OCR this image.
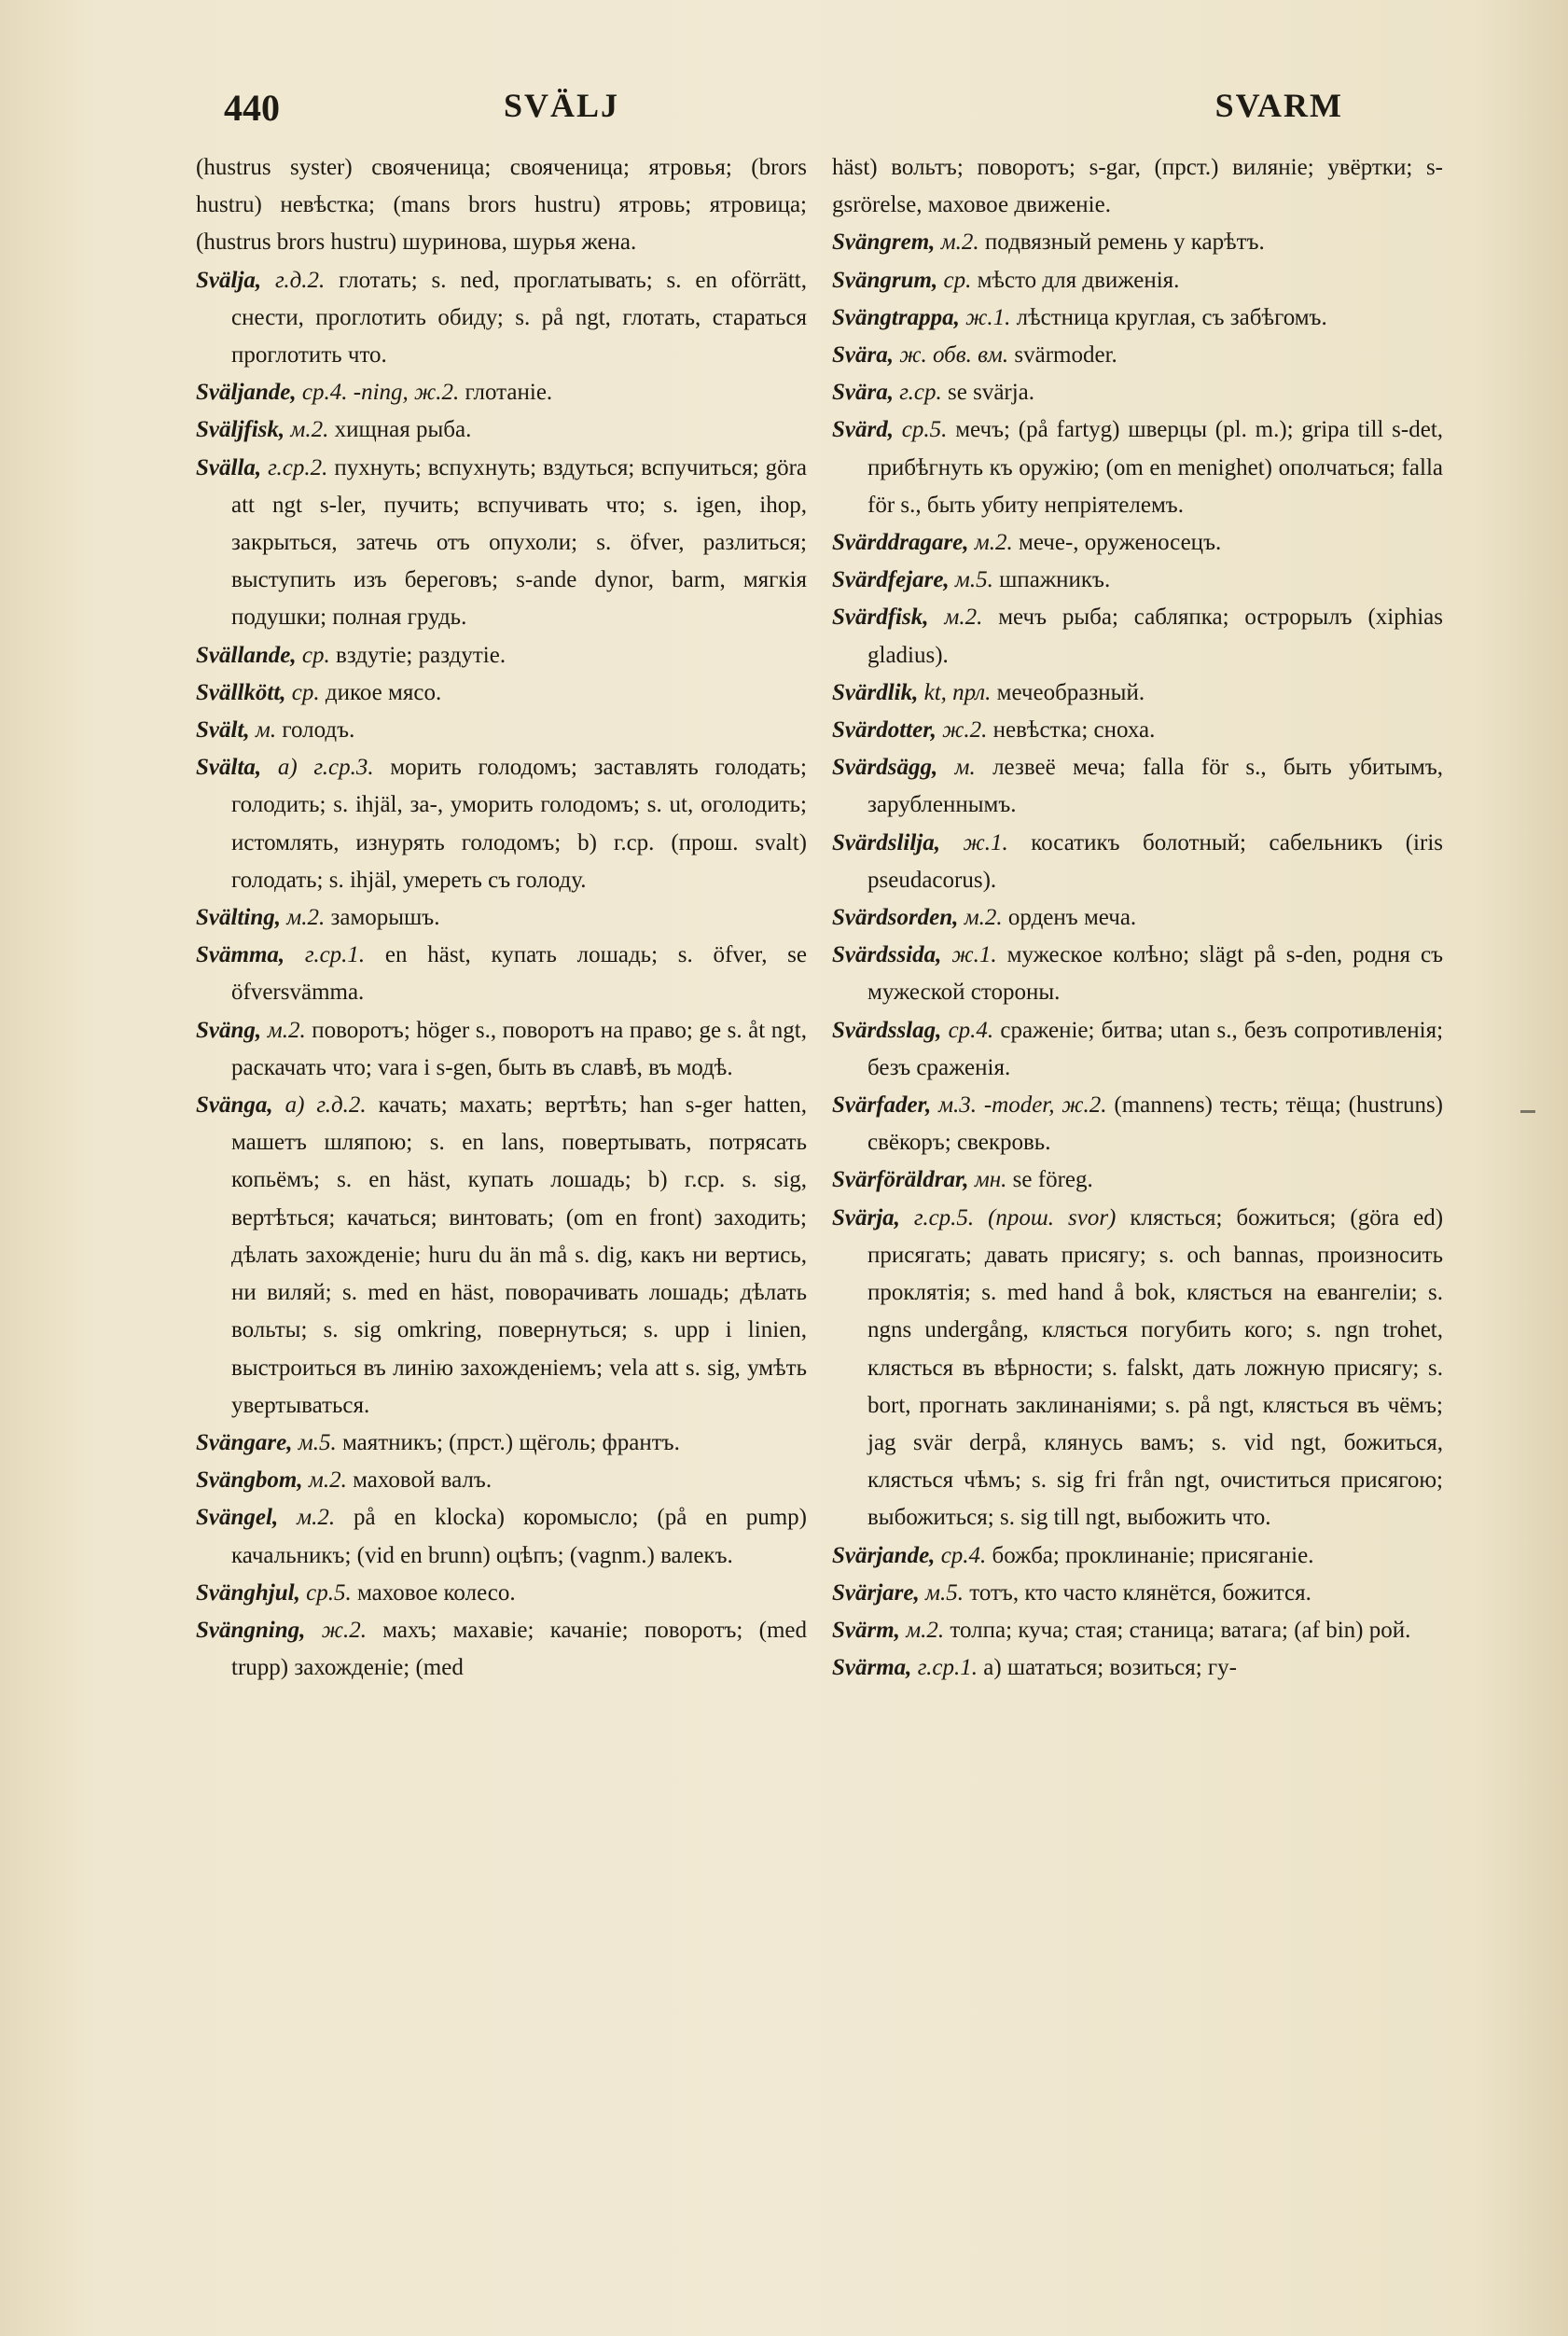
440	SVÄLJ	SVARM
(hustrus syster) свояченица; свояченица; ятровья; (brors hustru) невѣстка; (mans brors hustru) ятровь; ятровица; (hustrus brors hustru) шуринова, шурья жена.
Svälja, г.д.2. глотать; s. ned, проглатывать; s. en oförrätt, снести, проглотить обиду; s. på ngt, глотать, стараться проглотить что.
Sväljande, ср.4. -ning, ж.2. глотаніе.
Sväljfisk, м.2. хищная рыба.
Svälla, г.ср.2. пухнуть; вспухнуть; вздуться; вспучиться; göra att ngt s-ler, пучить; вспучивать что; s. igen, ihop, закрыться, затечь отъ опухоли; s. öfver, разлиться; выступить изъ береговъ; s-ande dynor, barm, мягкія подушки; полная грудь.
Svällande, ср. вздутіе; раздутіе.
Svällkött, ср. дикое мясо.
Svält, м. голодъ.
Svälta, a) г.ср.3. морить голодомъ; заставлять голодать; голодить; s. ihjäl, за-, уморить голодомъ; s. ut, оголодить; истомлять, изнурять голодомъ; b) г.ср. (прош. svalt) голодать; s. ihjäl, умереть съ голоду.
Svälting, м.2. заморышъ.
Svämma, г.ср.1. en häst, купать лошадь; s. öfver, se öfversvämma.
Sväng, м.2. поворотъ; höger s., поворотъ на право; ge s. åt ngt, раскачать что; vara i s-gen, быть въ славѣ, въ модѣ.
Svänga, a) г.д.2. качать; махать; вертѣть; han s-ger hatten, машетъ шляпою; s. en lans, повертывать, потрясать копьёмъ; s. en häst, купать лошадь; b) г.ср. s. sig, вертѣться; качаться; винтовать; (om en front) заходить; дѣлать захожденіе; huru du än må s. dig, какъ ни вертись, ни виляй; s. med en häst, поворачивать лошадь; дѣлать вольты; s. sig omkring, повернуться; s. upp i linien, выстроиться въ линію захожденіемъ; vela att s. sig, умѣть увертываться.
Svängare, м.5. маятникъ; (прст.) щёголь; франтъ.
Svängbom, м.2. маховой валъ.
Svängel, м.2. på en klocka) коромысло; (på en pump) качальникъ; (vid en brunn) оцѣпъ; (vagnm.) валекъ.
Svänghjul, ср.5. маховое колесо.
Svängning, ж.2. махъ; махавіе; качаніе; поворотъ; (med trupp) захожденіе; (med
häst) вольтъ; поворотъ; s-gar, (прст.) виляніе; увёртки; s-gsrörelse, маховое движеніе.
Svängrem, м.2. подвязный ремень у карѣтъ.
Svängrum, ср. мѣсто для движенія.
Svängtrappa, ж.1. лѣстница круглая, съ забѣгомъ.
Svära, ж. обв. вм. svärmoder.
Svära, г.ср. se svärja.
Svärd, ср.5. мечъ; (på fartyg) шверцы (pl. m.); gripa till s-det, прибѣгнуть къ оружію; (om en menighet) ополчаться; falla för s., быть убиту непріятелемъ.
Svärddragare, м.2. мече-, оруженосецъ.
Svärdfejare, м.5. шпажникъ.
Svärdfisk, м.2. мечъ рыба; сабляпка; острорылъ (xiphias gladius).
Svärdlik, kt, прл. мечеобразный.
Svärdotter, ж.2. невѣстка; сноха.
Svärdsägg, м. лезвеё меча; falla för s., быть убитымъ, зарубленнымъ.
Svärdslilja, ж.1. косатикъ болотный; сабельникъ (iris pseudacorus).
Svärdsorden, м.2. орденъ меча.
Svärdssida, ж.1. мужеское колѣно; slägt på s-den, родня съ мужеской стороны.
Svärdsslag, ср.4. сраженіе; битва; utan s., безъ сопротивленія; безъ сраженія.
Svärfader, м.3. -moder, ж.2. (mannens) тесть; тёща; (hustruns) свёкоръ; свекровь.
Svärföräldrar, мн. se föreg.
Svärja, г.ср.5. (прош. svor) клясться; божиться; (göra ed) присягать; давать присягу; s. och bannas, произносить проклятія; s. med hand å bok, клясться на евангеліи; s. ngns undergång, клясться погубить кого; s. ngn trohet, клясться въ вѣрности; s. falskt, дать ложную присягу; s. bort, прогнать заклинаніями; s. på ngt, клясться въ чёмъ; jag svär derpå, клянусь вамъ; s. vid ngt, божиться, клясться чѣмъ; s. sig fri från ngt, очиститься присягою; выбожиться; s. sig till ngt, выбожить что.
Svärjande, ср.4. божба; проклинаніе; присяганіе.
Svärjare, м.5. тотъ, кто часто клянётся, божится.
Svärm, м.2. толпа; куча; стая; станица; ватага; (af bin) рой.
Svärma, г.ср.1. a) шататься; возиться; гу-
